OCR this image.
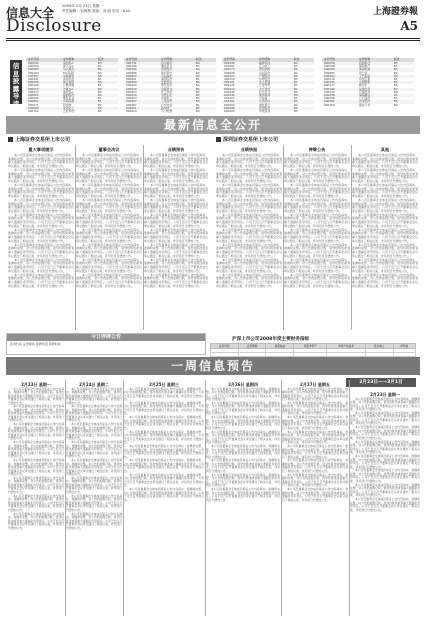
信息大全 2009年 2月 23日 星期一
责任编辑：宋海燕 美编：刘 淑 电话：010-	上海證券報
Disclosure	A5
信息披露导读
证券代码	证券简称	版次
000045	深纺织A	B3
000050	深天马A	B4
000063	中兴通讯	B2
000100	TCL集团	B3
000157	中联重科	B5
000401	冀东水泥	B1
000505	珠江控股	B3
000520	长航凤凰	B1
000553	沙隆达A	B2
000573	粤宏远A	B4
000601	韶能股份	B4
000631	顺发恒业	B1
000657	中钨高新	B1
000671	阳光城	B2
000698	沈阳化工	B5
000702	正虹科技	B5
证券代码	证券简称	版次
000731	四川美丰	B4
000766	通化金马	B3
000796	易食股份	B4
000806	银河科技	B2
000822	山东海化	B3
000861	海印股份	B1
000868	安凯客车	B4
000900	现代投资	B4
000919	金陵药业	B5
000923	宣工科技	B2
000930	丰原生化	B5
000953	河池化工	B3
000967	上风高科	B5
000987	广州友谊	B1
002001	新和成	B2
002024	苏宁电器	B4
证券代码	证券简称	版次
002046	轴研科技	B4
002061	江山化工	B3
002073	青岛软控	B5
002098	浔兴股份	B2
002103	广博股份	B5
002129	中环股份	B3
002151	北斗星通	B1
002176	江特电机	B3
002214	大立科技	B1
002230	科大讯飞	B2
002245	澳洋顺昌	B4
002263	大东南	B1
002281	光迅科技	B5
600000	浦发银行	B4
600008	首创股份	B2
600020	中原高速	B5
证券代码	证券简称	版次
600036	招商银行	B5
600048	保利地产	B1
600060	海信电器	B3
600085	同仁堂	B2
600104	上汽集团	B4
600118	中国卫星	B1
600150	中国船舶	B3
600177	雅戈尔	B5
600196	复星医药	B2
600215	长春经开	B4
600238	海南椰岛	B1
600256	广汇股份	B3
600291	西水股份	B5
600309	烟台万华	B2
最新信息全公开
上海证券交易所上市公司	深圳证券交易所上市公司
重大事项提示

本公司及董事会全体成员保证公告内容真实、准确和完整，对公告的虚假记载、误导性陈述或者重大遗漏负连带责任。公司于近日召开董事会会议审议通过了相关议案，详见同日刊登的公告。

本公司及董事会全体成员保证公告内容真实、准确和完整，对公告的虚假记载、误导性陈述或者重大遗漏负连带责任。公司于近日召开董事会会议审议通过了相关议案，详见同日刊登的公告。

本公司及董事会全体成员保证公告内容真实、准确和完整，对公告的虚假记载、误导性陈述或者重大遗漏负连带责任。公司于近日召开董事会会议审议通过了相关议案，详见同日刊登的公告。

本公司及董事会全体成员保证公告内容真实、准确和完整，对公告的虚假记载、误导性陈述或者重大遗漏负连带责任。公司于近日召开董事会会议审议通过了相关议案，详见同日刊登的公告。

本公司及董事会全体成员保证公告内容真实、准确和完整，对公告的虚假记载、误导性陈述或者重大遗漏负连带责任。公司于近日召开董事会会议审议通过了相关议案，详见同日刊登的公告。

本公司及董事会全体成员保证公告内容真实、准确和完整，对公告的虚假记载、误导性陈述或者重大遗漏负连带责任。公司于近日召开董事会会议审议通过了相关议案，详见同日刊登的公告。

本公司及董事会全体成员保证公告内容真实、准确和完整，对公告的虚假记载、误导性陈述或者重大遗漏负连带责任。公司于近日召开董事会会议审议通过了相关议案，详见同日刊登的公告。

本公司及董事会全体成员保证公告内容真实、准确和完整，对公告的虚假记载、误导性陈述或者重大遗漏负连带责任。公司于近日召开董事会会议审议通过了相关议案，详见同日刊登的公告。

本公司及董事会全体成员保证公告内容真实、准确和完整，对公告的虚假记载、误导性陈述或者重大遗漏负连带责任。公司于近日召开董事会会议审议通过了相关议案，详见同日刊登的公告。

董事会决议

本公司及董事会全体成员保证公告内容真实、准确和完整，对公告的虚假记载、误导性陈述或者重大遗漏负连带责任。公司于近日召开董事会会议审议通过了相关议案，详见同日刊登的公告。

本公司及董事会全体成员保证公告内容真实、准确和完整，对公告的虚假记载、误导性陈述或者重大遗漏负连带责任。公司于近日召开董事会会议审议通过了相关议案，详见同日刊登的公告。

本公司及董事会全体成员保证公告内容真实、准确和完整，对公告的虚假记载、误导性陈述或者重大遗漏负连带责任。公司于近日召开董事会会议审议通过了相关议案，详见同日刊登的公告。

本公司及董事会全体成员保证公告内容真实、准确和完整，对公告的虚假记载、误导性陈述或者重大遗漏负连带责任。公司于近日召开董事会会议审议通过了相关议案，详见同日刊登的公告。

本公司及董事会全体成员保证公告内容真实、准确和完整，对公告的虚假记载、误导性陈述或者重大遗漏负连带责任。公司于近日召开董事会会议审议通过了相关议案，详见同日刊登的公告。

本公司及董事会全体成员保证公告内容真实、准确和完整，对公告的虚假记载、误导性陈述或者重大遗漏负连带责任。公司于近日召开董事会会议审议通过了相关议案，详见同日刊登的公告。

本公司及董事会全体成员保证公告内容真实、准确和完整，对公告的虚假记载、误导性陈述或者重大遗漏负连带责任。公司于近日召开董事会会议审议通过了相关议案，详见同日刊登的公告。

本公司及董事会全体成员保证公告内容真实、准确和完整，对公告的虚假记载、误导性陈述或者重大遗漏负连带责任。公司于近日召开董事会会议审议通过了相关议案，详见同日刊登的公告。

本公司及董事会全体成员保证公告内容真实、准确和完整，对公告的虚假记载、误导性陈述或者重大遗漏负连带责任。公司于近日召开董事会会议审议通过了相关议案，详见同日刊登的公告。

业绩预告

本公司及董事会全体成员保证公告内容真实、准确和完整，对公告的虚假记载、误导性陈述或者重大遗漏负连带责任。公司于近日召开董事会会议审议通过了相关议案，详见同日刊登的公告。

本公司及董事会全体成员保证公告内容真实、准确和完整，对公告的虚假记载、误导性陈述或者重大遗漏负连带责任。公司于近日召开董事会会议审议通过了相关议案，详见同日刊登的公告。

本公司及董事会全体成员保证公告内容真实、准确和完整，对公告的虚假记载、误导性陈述或者重大遗漏负连带责任。公司于近日召开董事会会议审议通过了相关议案，详见同日刊登的公告。

本公司及董事会全体成员保证公告内容真实、准确和完整，对公告的虚假记载、误导性陈述或者重大遗漏负连带责任。公司于近日召开董事会会议审议通过了相关议案，详见同日刊登的公告。

本公司及董事会全体成员保证公告内容真实、准确和完整，对公告的虚假记载、误导性陈述或者重大遗漏负连带责任。公司于近日召开董事会会议审议通过了相关议案，详见同日刊登的公告。

本公司及董事会全体成员保证公告内容真实、准确和完整，对公告的虚假记载、误导性陈述或者重大遗漏负连带责任。公司于近日召开董事会会议审议通过了相关议案，详见同日刊登的公告。

本公司及董事会全体成员保证公告内容真实、准确和完整，对公告的虚假记载、误导性陈述或者重大遗漏负连带责任。公司于近日召开董事会会议审议通过了相关议案，详见同日刊登的公告。

本公司及董事会全体成员保证公告内容真实、准确和完整，对公告的虚假记载、误导性陈述或者重大遗漏负连带责任。公司于近日召开董事会会议审议通过了相关议案，详见同日刊登的公告。

本公司及董事会全体成员保证公告内容真实、准确和完整，对公告的虚假记载、误导性陈述或者重大遗漏负连带责任。公司于近日召开董事会会议审议通过了相关议案，详见同日刊登的公告。

业绩快报

本公司及董事会全体成员保证公告内容真实、准确和完整，对公告的虚假记载、误导性陈述或者重大遗漏负连带责任。公司于近日召开董事会会议审议通过了相关议案，详见同日刊登的公告。

本公司及董事会全体成员保证公告内容真实、准确和完整，对公告的虚假记载、误导性陈述或者重大遗漏负连带责任。公司于近日召开董事会会议审议通过了相关议案，详见同日刊登的公告。

本公司及董事会全体成员保证公告内容真实、准确和完整，对公告的虚假记载、误导性陈述或者重大遗漏负连带责任。公司于近日召开董事会会议审议通过了相关议案，详见同日刊登的公告。

本公司及董事会全体成员保证公告内容真实、准确和完整，对公告的虚假记载、误导性陈述或者重大遗漏负连带责任。公司于近日召开董事会会议审议通过了相关议案，详见同日刊登的公告。

本公司及董事会全体成员保证公告内容真实、准确和完整，对公告的虚假记载、误导性陈述或者重大遗漏负连带责任。公司于近日召开董事会会议审议通过了相关议案，详见同日刊登的公告。

本公司及董事会全体成员保证公告内容真实、准确和完整，对公告的虚假记载、误导性陈述或者重大遗漏负连带责任。公司于近日召开董事会会议审议通过了相关议案，详见同日刊登的公告。

本公司及董事会全体成员保证公告内容真实、准确和完整，对公告的虚假记载、误导性陈述或者重大遗漏负连带责任。公司于近日召开董事会会议审议通过了相关议案，详见同日刊登的公告。

本公司及董事会全体成员保证公告内容真实、准确和完整，对公告的虚假记载、误导性陈述或者重大遗漏负连带责任。公司于近日召开董事会会议审议通过了相关议案，详见同日刊登的公告。

本公司及董事会全体成员保证公告内容真实、准确和完整，对公告的虚假记载、误导性陈述或者重大遗漏负连带责任。公司于近日召开董事会会议审议通过了相关议案，详见同日刊登的公告。

停牌公告

本公司及董事会全体成员保证公告内容真实、准确和完整，对公告的虚假记载、误导性陈述或者重大遗漏负连带责任。公司于近日召开董事会会议审议通过了相关议案，详见同日刊登的公告。

本公司及董事会全体成员保证公告内容真实、准确和完整，对公告的虚假记载、误导性陈述或者重大遗漏负连带责任。公司于近日召开董事会会议审议通过了相关议案，详见同日刊登的公告。

本公司及董事会全体成员保证公告内容真实、准确和完整，对公告的虚假记载、误导性陈述或者重大遗漏负连带责任。公司于近日召开董事会会议审议通过了相关议案，详见同日刊登的公告。

本公司及董事会全体成员保证公告内容真实、准确和完整，对公告的虚假记载、误导性陈述或者重大遗漏负连带责任。公司于近日召开董事会会议审议通过了相关议案，详见同日刊登的公告。

本公司及董事会全体成员保证公告内容真实、准确和完整，对公告的虚假记载、误导性陈述或者重大遗漏负连带责任。公司于近日召开董事会会议审议通过了相关议案，详见同日刊登的公告。

本公司及董事会全体成员保证公告内容真实、准确和完整，对公告的虚假记载、误导性陈述或者重大遗漏负连带责任。公司于近日召开董事会会议审议通过了相关议案，详见同日刊登的公告。

本公司及董事会全体成员保证公告内容真实、准确和完整，对公告的虚假记载、误导性陈述或者重大遗漏负连带责任。公司于近日召开董事会会议审议通过了相关议案，详见同日刊登的公告。

本公司及董事会全体成员保证公告内容真实、准确和完整，对公告的虚假记载、误导性陈述或者重大遗漏负连带责任。公司于近日召开董事会会议审议通过了相关议案，详见同日刊登的公告。

本公司及董事会全体成员保证公告内容真实、准确和完整，对公告的虚假记载、误导性陈述或者重大遗漏负连带责任。公司于近日召开董事会会议审议通过了相关议案，详见同日刊登的公告。

其他

本公司及董事会全体成员保证公告内容真实、准确和完整，对公告的虚假记载、误导性陈述或者重大遗漏负连带责任。公司于近日召开董事会会议审议通过了相关议案，详见同日刊登的公告。

本公司及董事会全体成员保证公告内容真实、准确和完整，对公告的虚假记载、误导性陈述或者重大遗漏负连带责任。公司于近日召开董事会会议审议通过了相关议案，详见同日刊登的公告。

本公司及董事会全体成员保证公告内容真实、准确和完整，对公告的虚假记载、误导性陈述或者重大遗漏负连带责任。公司于近日召开董事会会议审议通过了相关议案，详见同日刊登的公告。

本公司及董事会全体成员保证公告内容真实、准确和完整，对公告的虚假记载、误导性陈述或者重大遗漏负连带责任。公司于近日召开董事会会议审议通过了相关议案，详见同日刊登的公告。

本公司及董事会全体成员保证公告内容真实、准确和完整，对公告的虚假记载、误导性陈述或者重大遗漏负连带责任。公司于近日召开董事会会议审议通过了相关议案，详见同日刊登的公告。

本公司及董事会全体成员保证公告内容真实、准确和完整，对公告的虚假记载、误导性陈述或者重大遗漏负连带责任。公司于近日召开董事会会议审议通过了相关议案，详见同日刊登的公告。

本公司及董事会全体成员保证公告内容真实、准确和完整，对公告的虚假记载、误导性陈述或者重大遗漏负连带责任。公司于近日召开董事会会议审议通过了相关议案，详见同日刊登的公告。

本公司及董事会全体成员保证公告内容真实、准确和完整，对公告的虚假记载、误导性陈述或者重大遗漏负连带责任。公司于近日召开董事会会议审议通过了相关议案，详见同日刊登的公告。

本公司及董事会全体成员保证公告内容真实、准确和完整，对公告的虚假记载、误导性陈述或者重大遗漏负连带责任。公司于近日召开董事会会议审议通过了相关议案，详见同日刊登的公告。

今日停牌公告
证券代码 证券简称 停牌原因 停牌时间
沪深上市公司2008年度主要财务指标
证券代码	证券简称	每股收益	每股净资产	净资产收益率	营业收入	净利润

一周信息预告
2月23日——3月1日
2月23日 星期一

本公司及董事会全体成员保证公告内容真实、准确和完整，对公告的虚假记载、误导性陈述或者重大遗漏负连带责任。公司于近日召开董事会会议审议通过了相关议案，详见同日刊登的公告。

本公司及董事会全体成员保证公告内容真实、准确和完整，对公告的虚假记载、误导性陈述或者重大遗漏负连带责任。公司于近日召开董事会会议审议通过了相关议案，详见同日刊登的公告。

本公司及董事会全体成员保证公告内容真实、准确和完整，对公告的虚假记载、误导性陈述或者重大遗漏负连带责任。公司于近日召开董事会会议审议通过了相关议案，详见同日刊登的公告。

本公司及董事会全体成员保证公告内容真实、准确和完整，对公告的虚假记载、误导性陈述或者重大遗漏负连带责任。公司于近日召开董事会会议审议通过了相关议案，详见同日刊登的公告。

本公司及董事会全体成员保证公告内容真实、准确和完整，对公告的虚假记载、误导性陈述或者重大遗漏负连带责任。公司于近日召开董事会会议审议通过了相关议案，详见同日刊登的公告。

本公司及董事会全体成员保证公告内容真实、准确和完整，对公告的虚假记载、误导性陈述或者重大遗漏负连带责任。公司于近日召开董事会会议审议通过了相关议案，详见同日刊登的公告。

本公司及董事会全体成员保证公告内容真实、准确和完整，对公告的虚假记载、误导性陈述或者重大遗漏负连带责任。公司于近日召开董事会会议审议通过了相关议案，详见同日刊登的公告。

本公司及董事会全体成员保证公告内容真实、准确和完整，对公告的虚假记载、误导性陈述或者重大遗漏负连带责任。公司于近日召开董事会会议审议通过了相关议案，详见同日刊登的公告。

2月24日 星期二

本公司及董事会全体成员保证公告内容真实、准确和完整，对公告的虚假记载、误导性陈述或者重大遗漏负连带责任。公司于近日召开董事会会议审议通过了相关议案，详见同日刊登的公告。

本公司及董事会全体成员保证公告内容真实、准确和完整，对公告的虚假记载、误导性陈述或者重大遗漏负连带责任。公司于近日召开董事会会议审议通过了相关议案，详见同日刊登的公告。

本公司及董事会全体成员保证公告内容真实、准确和完整，对公告的虚假记载、误导性陈述或者重大遗漏负连带责任。公司于近日召开董事会会议审议通过了相关议案，详见同日刊登的公告。

本公司及董事会全体成员保证公告内容真实、准确和完整，对公告的虚假记载、误导性陈述或者重大遗漏负连带责任。公司于近日召开董事会会议审议通过了相关议案，详见同日刊登的公告。

本公司及董事会全体成员保证公告内容真实、准确和完整，对公告的虚假记载、误导性陈述或者重大遗漏负连带责任。公司于近日召开董事会会议审议通过了相关议案，详见同日刊登的公告。

本公司及董事会全体成员保证公告内容真实、准确和完整，对公告的虚假记载、误导性陈述或者重大遗漏负连带责任。公司于近日召开董事会会议审议通过了相关议案，详见同日刊登的公告。

本公司及董事会全体成员保证公告内容真实、准确和完整，对公告的虚假记载、误导性陈述或者重大遗漏负连带责任。公司于近日召开董事会会议审议通过了相关议案，详见同日刊登的公告。

本公司及董事会全体成员保证公告内容真实、准确和完整，对公告的虚假记载、误导性陈述或者重大遗漏负连带责任。公司于近日召开董事会会议审议通过了相关议案，详见同日刊登的公告。

2月25日 星期三

本公司及董事会全体成员保证公告内容真实、准确和完整，对公告的虚假记载、误导性陈述或者重大遗漏负连带责任。公司于近日召开董事会会议审议通过了相关议案，详见同日刊登的公告。

本公司及董事会全体成员保证公告内容真实、准确和完整，对公告的虚假记载、误导性陈述或者重大遗漏负连带责任。公司于近日召开董事会会议审议通过了相关议案，详见同日刊登的公告。

本公司及董事会全体成员保证公告内容真实、准确和完整，对公告的虚假记载、误导性陈述或者重大遗漏负连带责任。公司于近日召开董事会会议审议通过了相关议案，详见同日刊登的公告。

本公司及董事会全体成员保证公告内容真实、准确和完整，对公告的虚假记载、误导性陈述或者重大遗漏负连带责任。公司于近日召开董事会会议审议通过了相关议案，详见同日刊登的公告。

本公司及董事会全体成员保证公告内容真实、准确和完整，对公告的虚假记载、误导性陈述或者重大遗漏负连带责任。公司于近日召开董事会会议审议通过了相关议案，详见同日刊登的公告。

本公司及董事会全体成员保证公告内容真实、准确和完整，对公告的虚假记载、误导性陈述或者重大遗漏负连带责任。公司于近日召开董事会会议审议通过了相关议案，详见同日刊登的公告。

本公司及董事会全体成员保证公告内容真实、准确和完整，对公告的虚假记载、误导性陈述或者重大遗漏负连带责任。公司于近日召开董事会会议审议通过了相关议案，详见同日刊登的公告。

本公司及董事会全体成员保证公告内容真实、准确和完整，对公告的虚假记载、误导性陈述或者重大遗漏负连带责任。公司于近日召开董事会会议审议通过了相关议案，详见同日刊登的公告。

2月26日 星期四

本公司及董事会全体成员保证公告内容真实、准确和完整，对公告的虚假记载、误导性陈述或者重大遗漏负连带责任。公司于近日召开董事会会议审议通过了相关议案，详见同日刊登的公告。

本公司及董事会全体成员保证公告内容真实、准确和完整，对公告的虚假记载、误导性陈述或者重大遗漏负连带责任。公司于近日召开董事会会议审议通过了相关议案，详见同日刊登的公告。

本公司及董事会全体成员保证公告内容真实、准确和完整，对公告的虚假记载、误导性陈述或者重大遗漏负连带责任。公司于近日召开董事会会议审议通过了相关议案，详见同日刊登的公告。

本公司及董事会全体成员保证公告内容真实、准确和完整，对公告的虚假记载、误导性陈述或者重大遗漏负连带责任。公司于近日召开董事会会议审议通过了相关议案，详见同日刊登的公告。

本公司及董事会全体成员保证公告内容真实、准确和完整，对公告的虚假记载、误导性陈述或者重大遗漏负连带责任。公司于近日召开董事会会议审议通过了相关议案，详见同日刊登的公告。

本公司及董事会全体成员保证公告内容真实、准确和完整，对公告的虚假记载、误导性陈述或者重大遗漏负连带责任。公司于近日召开董事会会议审议通过了相关议案，详见同日刊登的公告。

本公司及董事会全体成员保证公告内容真实、准确和完整，对公告的虚假记载、误导性陈述或者重大遗漏负连带责任。公司于近日召开董事会会议审议通过了相关议案，详见同日刊登的公告。

本公司及董事会全体成员保证公告内容真实、准确和完整，对公告的虚假记载、误导性陈述或者重大遗漏负连带责任。公司于近日召开董事会会议审议通过了相关议案，详见同日刊登的公告。

2月27日 星期五

本公司及董事会全体成员保证公告内容真实、准确和完整，对公告的虚假记载、误导性陈述或者重大遗漏负连带责任。公司于近日召开董事会会议审议通过了相关议案，详见同日刊登的公告。

本公司及董事会全体成员保证公告内容真实、准确和完整，对公告的虚假记载、误导性陈述或者重大遗漏负连带责任。公司于近日召开董事会会议审议通过了相关议案，详见同日刊登的公告。

本公司及董事会全体成员保证公告内容真实、准确和完整，对公告的虚假记载、误导性陈述或者重大遗漏负连带责任。公司于近日召开董事会会议审议通过了相关议案，详见同日刊登的公告。

本公司及董事会全体成员保证公告内容真实、准确和完整，对公告的虚假记载、误导性陈述或者重大遗漏负连带责任。公司于近日召开董事会会议审议通过了相关议案，详见同日刊登的公告。

本公司及董事会全体成员保证公告内容真实、准确和完整，对公告的虚假记载、误导性陈述或者重大遗漏负连带责任。公司于近日召开董事会会议审议通过了相关议案，详见同日刊登的公告。

本公司及董事会全体成员保证公告内容真实、准确和完整，对公告的虚假记载、误导性陈述或者重大遗漏负连带责任。公司于近日召开董事会会议审议通过了相关议案，详见同日刊登的公告。

本公司及董事会全体成员保证公告内容真实、准确和完整，对公告的虚假记载、误导性陈述或者重大遗漏负连带责任。公司于近日召开董事会会议审议通过了相关议案，详见同日刊登的公告。

本公司及董事会全体成员保证公告内容真实、准确和完整，对公告的虚假记载、误导性陈述或者重大遗漏负连带责任。公司于近日召开董事会会议审议通过了相关议案，详见同日刊登的公告。

2月23日 星期一

本公司及董事会全体成员保证公告内容真实、准确和完整，对公告的虚假记载、误导性陈述或者重大遗漏负连带责任。公司于近日召开董事会会议审议通过了相关议案，详见同日刊登的公告。

本公司及董事会全体成员保证公告内容真实、准确和完整，对公告的虚假记载、误导性陈述或者重大遗漏负连带责任。公司于近日召开董事会会议审议通过了相关议案，详见同日刊登的公告。

本公司及董事会全体成员保证公告内容真实、准确和完整，对公告的虚假记载、误导性陈述或者重大遗漏负连带责任。公司于近日召开董事会会议审议通过了相关议案，详见同日刊登的公告。

本公司及董事会全体成员保证公告内容真实、准确和完整，对公告的虚假记载、误导性陈述或者重大遗漏负连带责任。公司于近日召开董事会会议审议通过了相关议案，详见同日刊登的公告。

本公司及董事会全体成员保证公告内容真实、准确和完整，对公告的虚假记载、误导性陈述或者重大遗漏负连带责任。公司于近日召开董事会会议审议通过了相关议案，详见同日刊登的公告。

本公司及董事会全体成员保证公告内容真实、准确和完整，对公告的虚假记载、误导性陈述或者重大遗漏负连带责任。公司于近日召开董事会会议审议通过了相关议案，详见同日刊登的公告。

本公司及董事会全体成员保证公告内容真实、准确和完整，对公告的虚假记载、误导性陈述或者重大遗漏负连带责任。公司于近日召开董事会会议审议通过了相关议案，详见同日刊登的公告。

本公司及董事会全体成员保证公告内容真实、准确和完整，对公告的虚假记载、误导性陈述或者重大遗漏负连带责任。公司于近日召开董事会会议审议通过了相关议案，详见同日刊登的公告。
